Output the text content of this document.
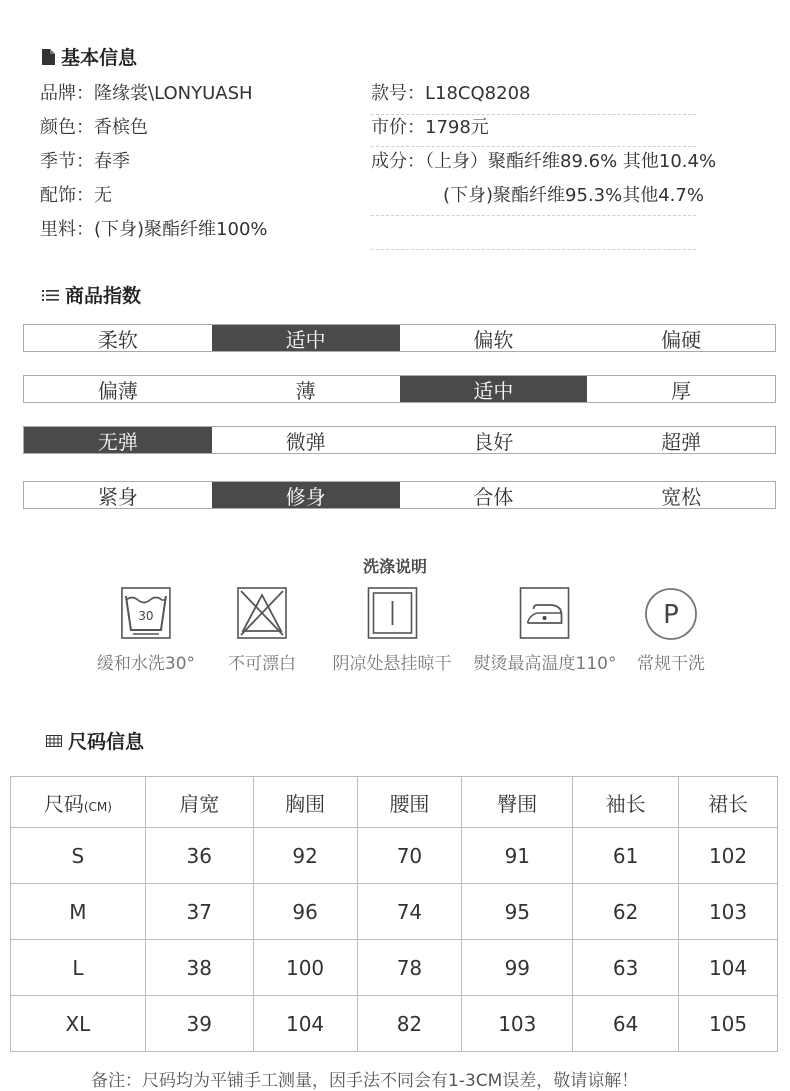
基本信息
品牌：隆缘裳\LONYUASH	款号：L18CQ8208
颜色：香槟色	市价：1798元
季节：春季	成分：（上身）聚酯纤维89.6% 其他10.4%
配饰：无	(下身)聚酯纤维95.3%其他4.7%
里料：(下身)聚酯纤维100%
商品指数
柔软	适中	偏软	偏硬
偏薄	薄	适中	厚
无弹	微弹	良好	超弹
紧身	修身	合体	宽松
洗涤说明
30
缓和水洗30° 不可漂白 阴凉处悬挂晾干 熨烫最高温度110°
P
常规干洗
尺码信息
尺码(CM)	肩宽	胸围	腰围	臀围	袖长	裙长
S	36	92	70	91	61	102
M	37	96	74	95	62	103
L	38	100	78	99	63	104
XL	39	104	82	103	64	105
备注：尺码均为平铺手工测量，因手法不同会有1-3CM误差，敬请谅解！
